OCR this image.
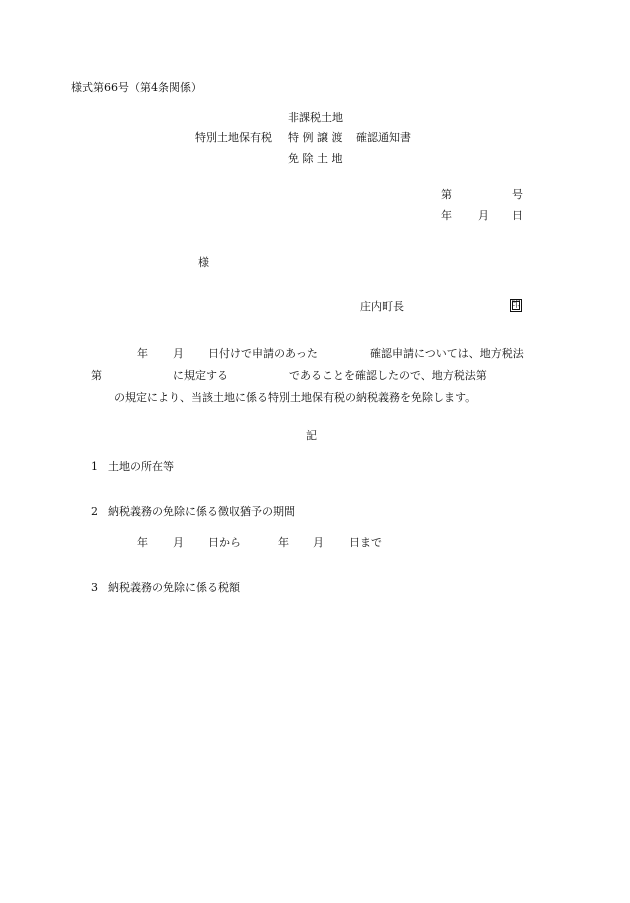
様式第66号（第4条関係）
非課税土地
特別土地保有税 特 例 譲 渡 確認通知書
免 除 土 地
第	号
年 月 日
様
庄内町長	印
年 月 日付けで申請のあった	確認申請については、地方税法
第	に規定する	であることを確認したので、地方税法第
の規定により、当該土地に係る特別土地保有税の納税義務を免除します。
記
1 土地の所在等
2 納税義務の免除に係る徴収猶予の期間
年 月 日から	年 月 日まで
3 納税義務の免除に係る税額
